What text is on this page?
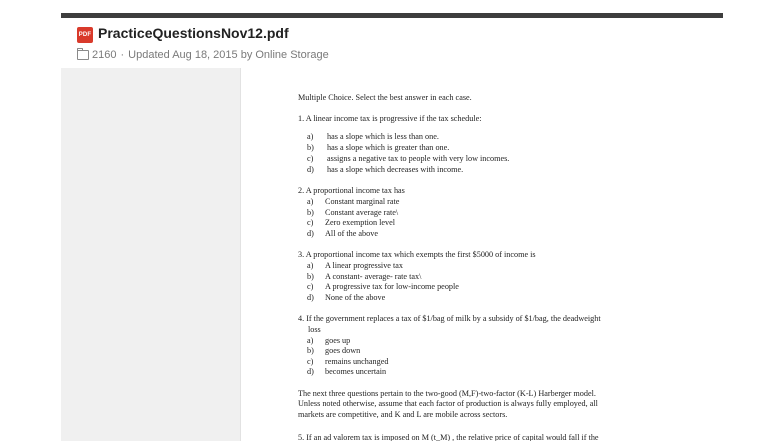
PDF PracticeQuestionsNov12.pdf
2160 · Updated Aug 18, 2015 by Online Storage

Multiple Choice. Select the best answer in each case.

1. A linear income tax is progressive if the tax schedule:

a)	has a slope which is less than one.
b)	has a slope which is greater than one.
c)	assigns a negative tax to people with very low incomes.
d)	has a slope which decreases with income.

2. A proportional income tax has

a)	Constant marginal rate
b)	Constant average rate\
c)	Zero exemption level
d)	All of the above

3. A proportional income tax which exempts the first $5000 of income is

a)	A linear progressive tax
b)	A constant- average- rate tax\
c)	A progressive tax for low-income people
d)	None of the above

4. If the government replaces a tax of $1/bag of milk by a subsidy of $1/bag, the deadweight

loss

a)	goes up
b)	goes down
c)	remains unchanged
d)	becomes uncertain
The next three questions pertain to the two-good (M,F)-two-factor (K-L) Harberger model.
Unless noted otherwise, assume that each factor of production is always fully employed, all
markets are competitive, and K and L are mobile across sectors.
5. If an ad valorem tax is imposed on M (t_M) , the relative price of capital would fall if the
